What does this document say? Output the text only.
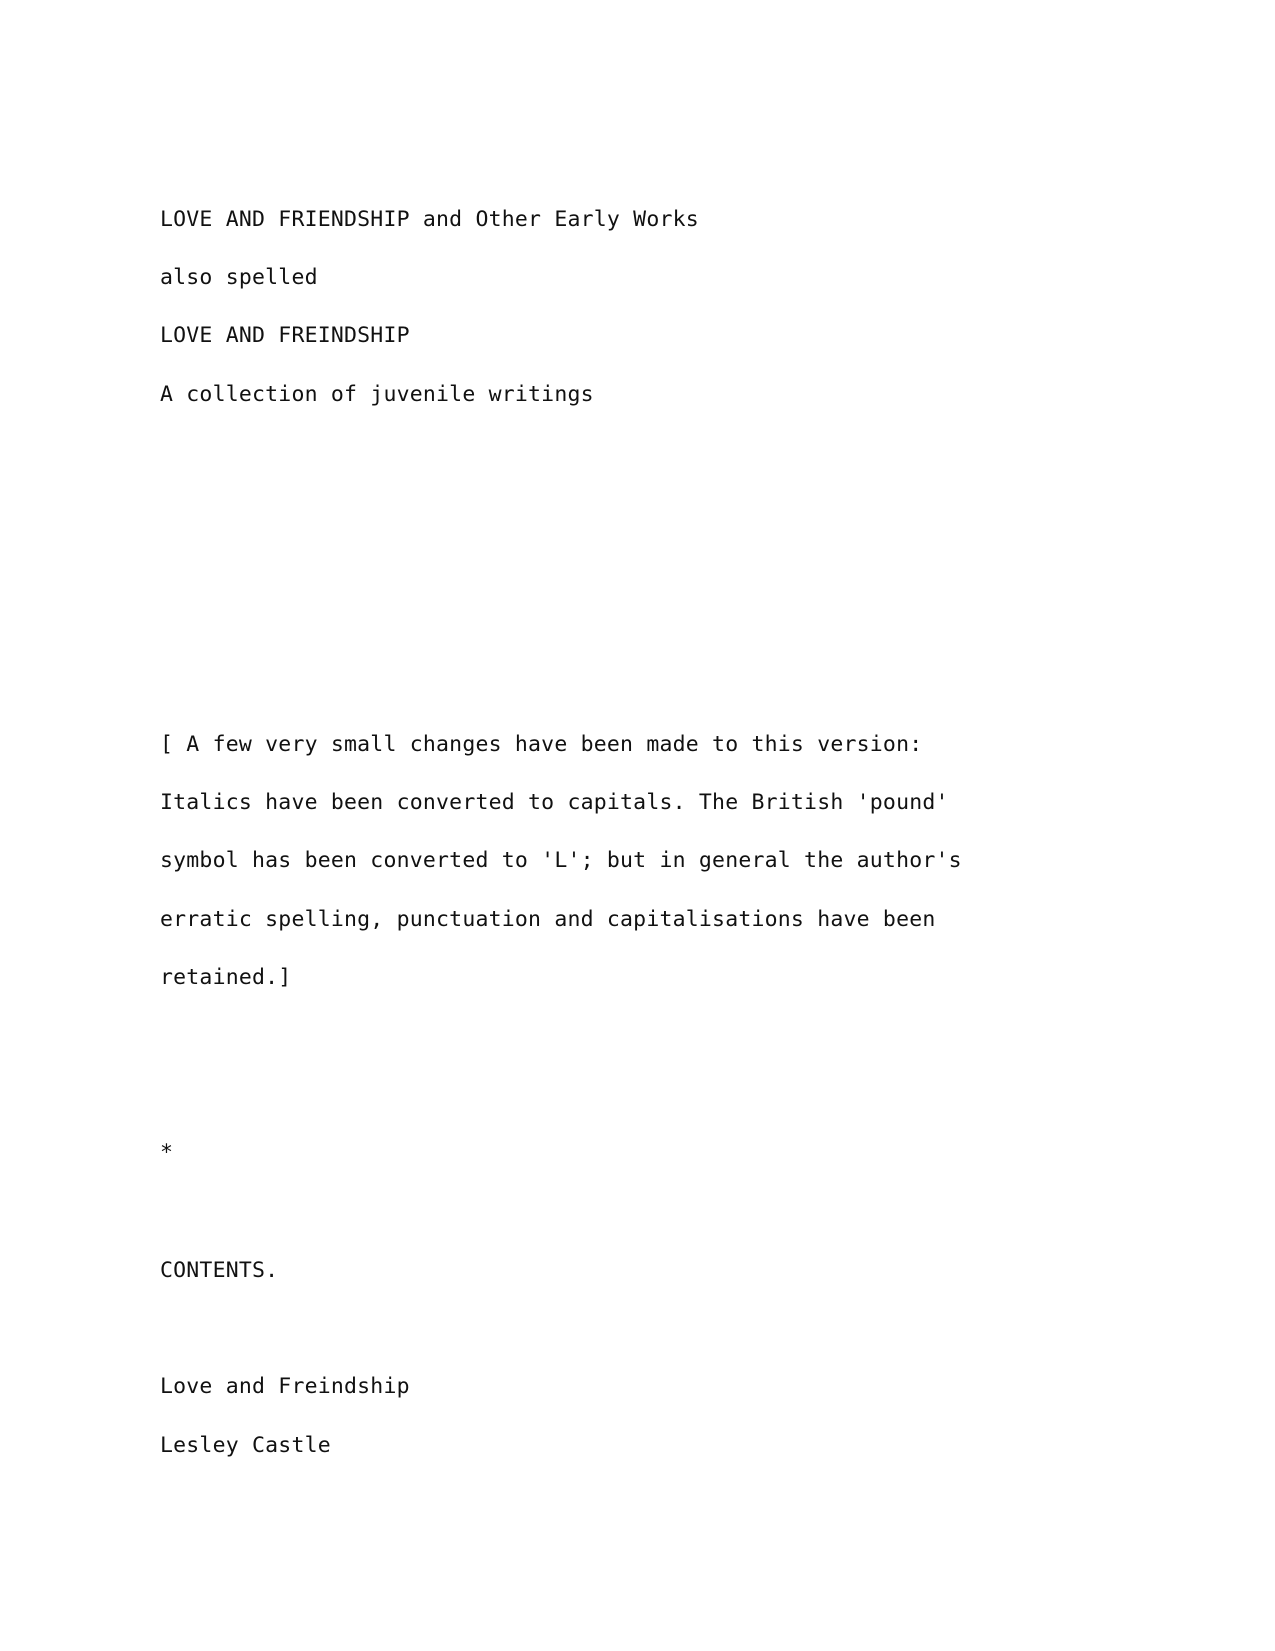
LOVE AND FRIENDSHIP and Other Early Works

also spelled

LOVE AND FREINDSHIP

A collection of juvenile writings

[ A few very small changes have been made to this version:

Italics have been converted to capitals. The British 'pound'

symbol has been converted to 'L'; but in general the author's

erratic spelling, punctuation and capitalisations have been

retained.]

*

CONTENTS.

Love and Freindship

Lesley Castle
